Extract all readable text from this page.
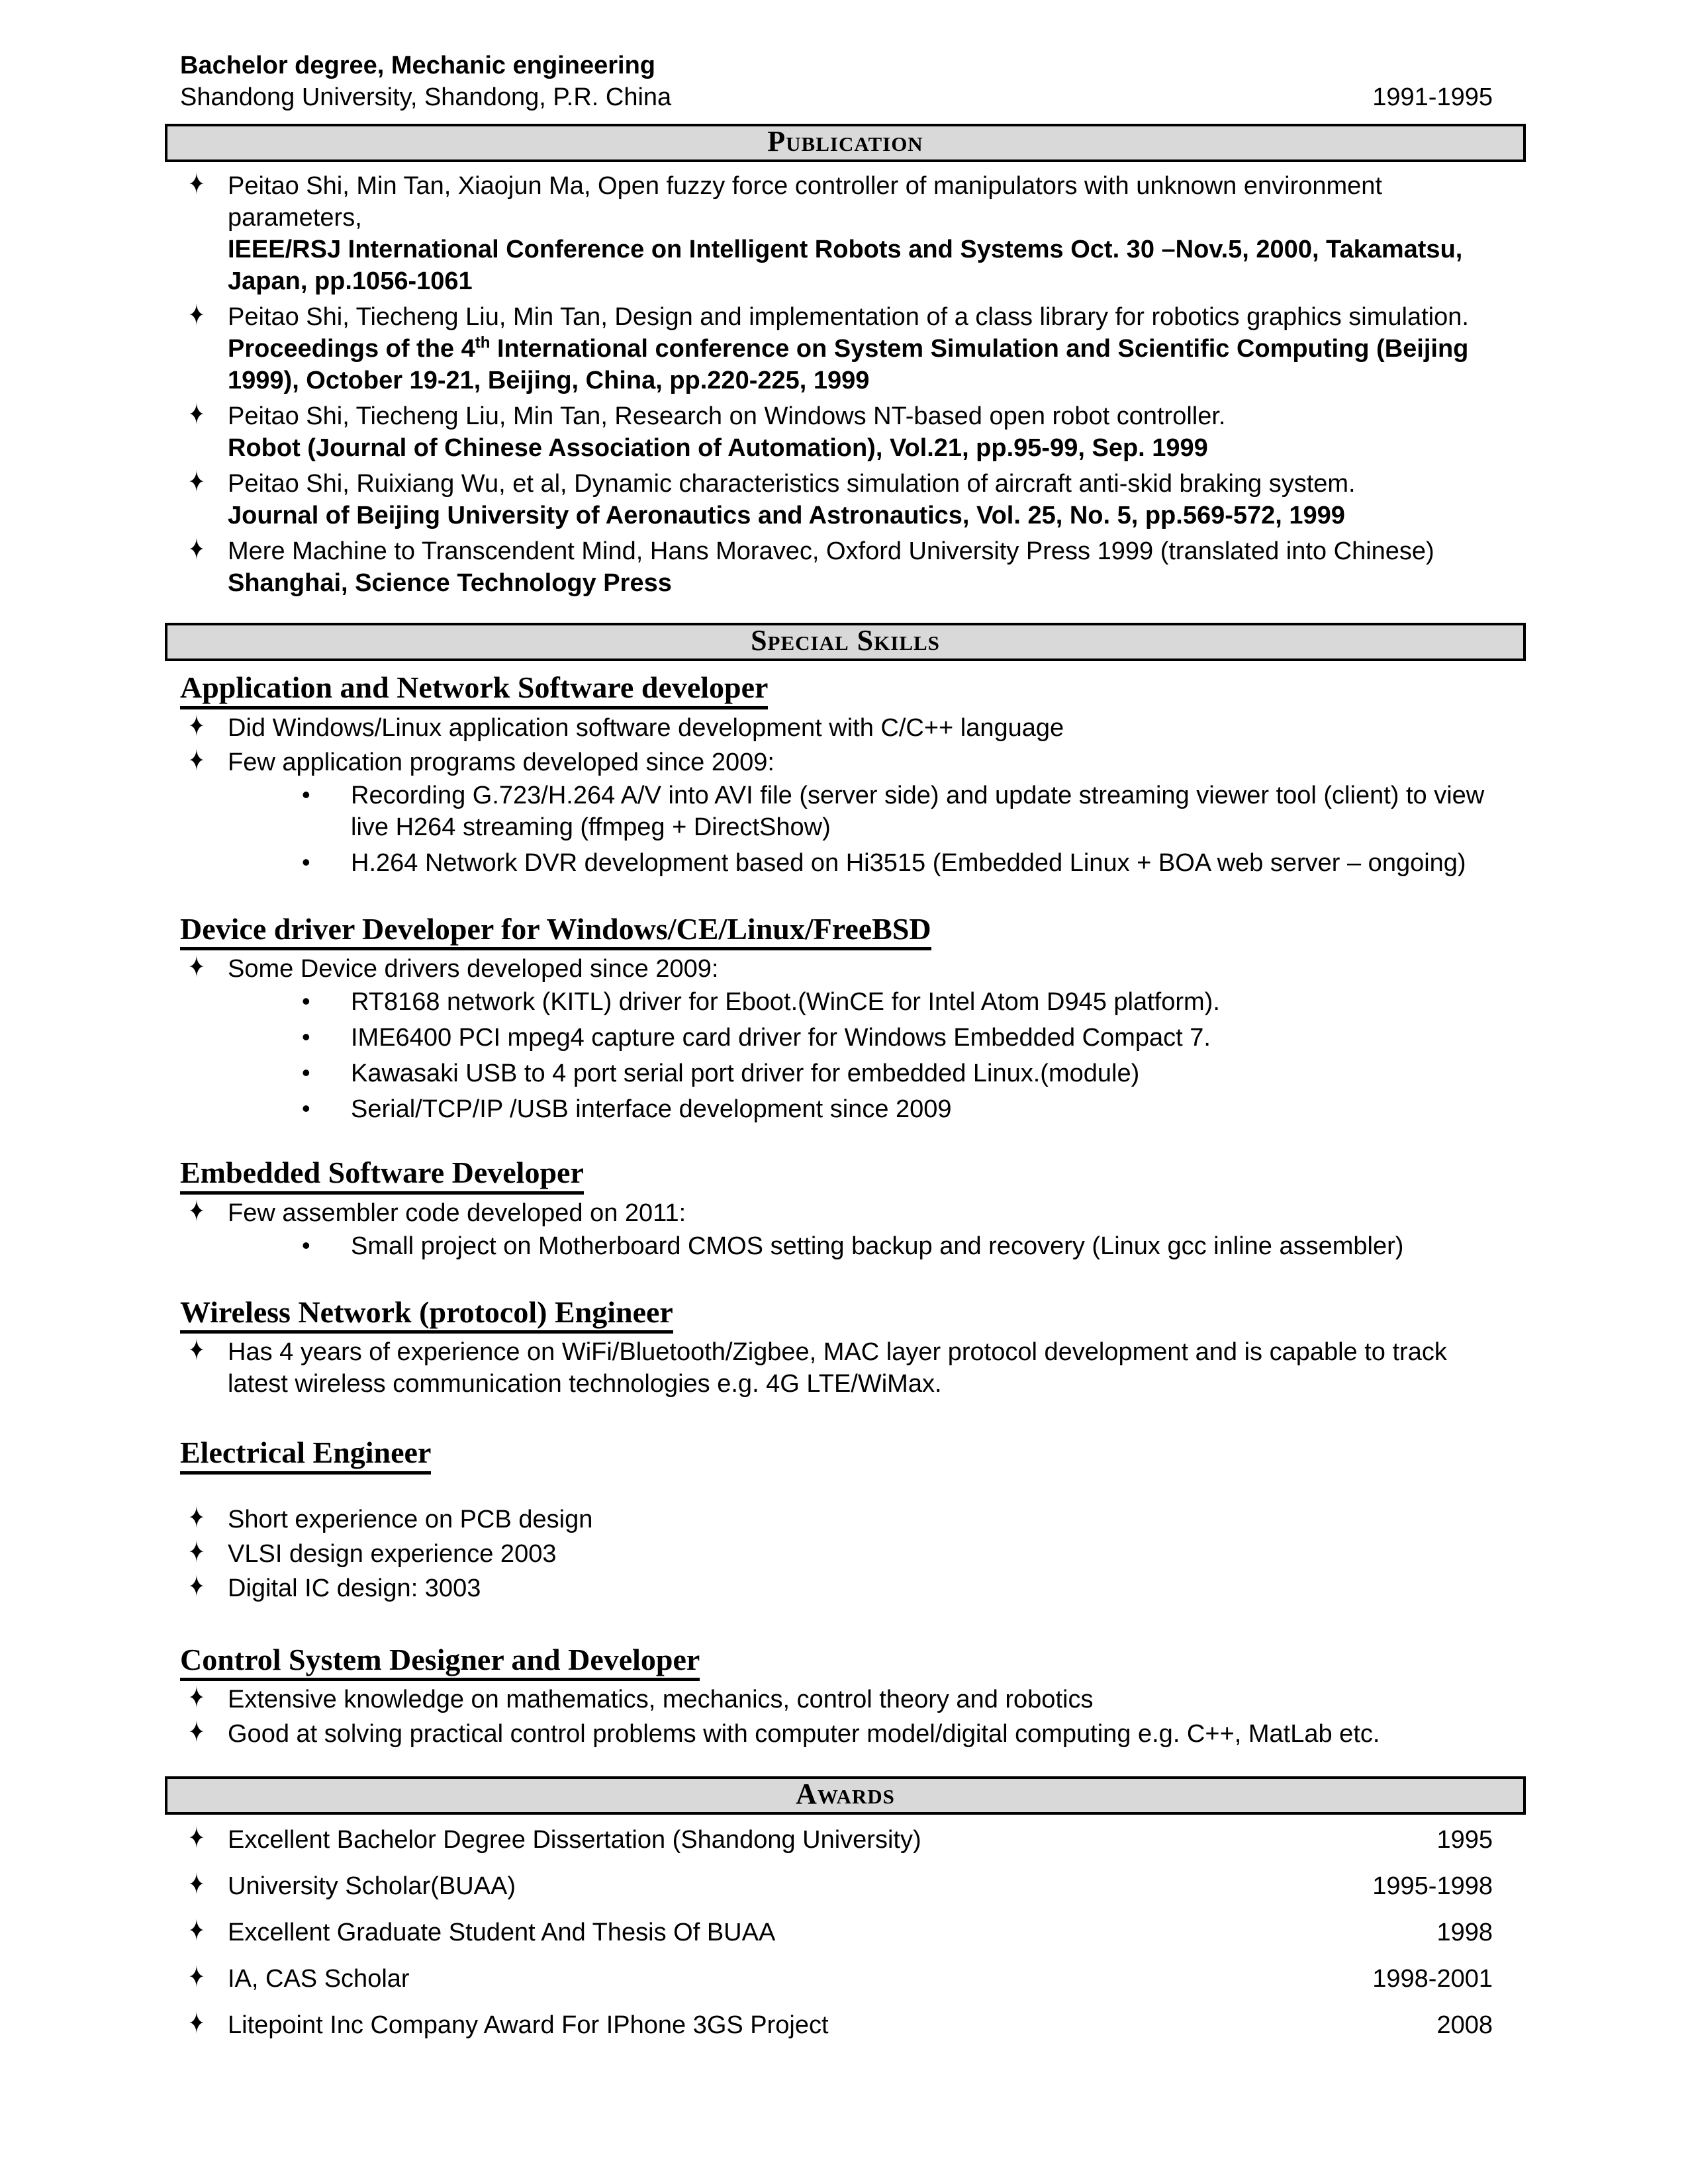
Bachelor degree, Mechanic engineering
Shandong University, Shandong, P.R. China	1991-1995
Publication
✦ Peitao Shi, Min Tan, Xiaojun Ma, Open fuzzy force controller of manipulators with unknown environment parameters,
IEEE/RSJ International Conference on Intelligent Robots and Systems Oct. 30 –Nov.5, 2000, Takamatsu, Japan, pp.1056-1061
✦ Peitao Shi, Tiecheng Liu, Min Tan, Design and implementation of a class library for robotics graphics simulation.
Proceedings of the 4th International conference on System Simulation and Scientific Computing (Beijing 1999), October 19-21, Beijing, China, pp.220-225, 1999
✦ Peitao Shi, Tiecheng Liu, Min Tan, Research on Windows NT-based open robot controller.
Robot (Journal of Chinese Association of Automation), Vol.21, pp.95-99, Sep. 1999
✦ Peitao Shi, Ruixiang Wu, et al, Dynamic characteristics simulation of aircraft anti-skid braking system.
Journal of Beijing University of Aeronautics and Astronautics, Vol. 25, No. 5, pp.569-572, 1999
✦ Mere Machine to Transcendent Mind, Hans Moravec, Oxford University Press 1999 (translated into Chinese)
Shanghai, Science Technology Press
Special Skills
Application and Network Software developer
✦ Did Windows/Linux application software development with C/C++ language
✦ Few application programs developed since 2009:
• Recording G.723/H.264 A/V into AVI file (server side) and update streaming viewer tool (client) to view live H264 streaming (ffmpeg + DirectShow)
• H.264 Network DVR development based on Hi3515 (Embedded Linux + BOA web server – ongoing)
Device driver Developer for Windows/CE/Linux/FreeBSD
✦ Some Device drivers developed since 2009:
• RT8168 network (KITL) driver for Eboot.(WinCE for Intel Atom D945 platform).
• IME6400 PCI mpeg4 capture card driver for Windows Embedded Compact 7.
• Kawasaki USB to 4 port serial port driver for embedded Linux.(module)
• Serial/TCP/IP /USB interface development since 2009
Embedded Software Developer
✦ Few assembler code developed on 2011:
• Small project on Motherboard CMOS setting backup and recovery (Linux gcc inline assembler)
Wireless Network (protocol) Engineer
✦ Has 4 years of experience on WiFi/Bluetooth/Zigbee, MAC layer protocol development and is capable to track latest wireless communication technologies e.g. 4G LTE/WiMax.
Electrical Engineer
✦ Short experience on PCB design
✦ VLSI design experience 2003
✦ Digital IC design: 3003
Control System Designer and Developer
✦ Extensive knowledge on mathematics, mechanics, control theory and robotics
✦ Good at solving practical control problems with computer model/digital computing e.g. C++, MatLab etc.
Awards
✦ Excellent Bachelor Degree Dissertation (Shandong University)	1995
✦ University Scholar(BUAA)	1995-1998
✦ Excellent Graduate Student And Thesis Of BUAA	1998
✦ IA, CAS Scholar	1998-2001
✦ Litepoint Inc Company Award For IPhone 3GS Project	2008
